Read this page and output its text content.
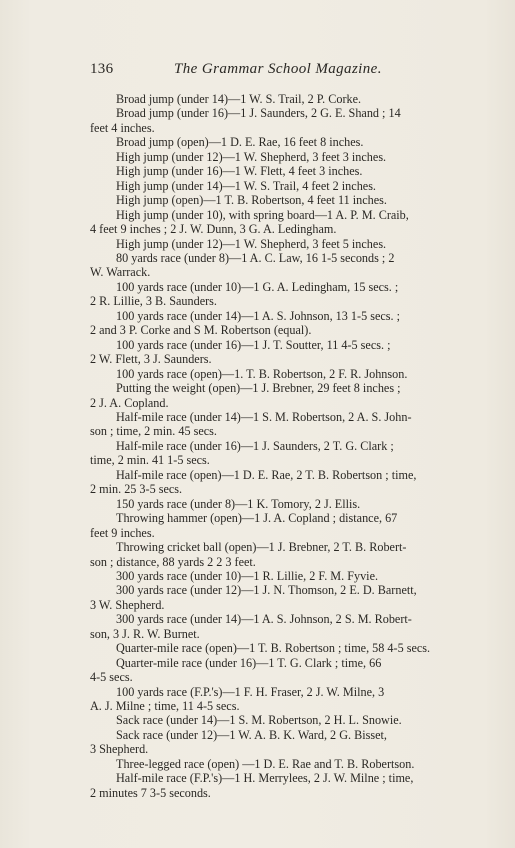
136	The Grammar School Magazine.

Broad jump (under 14)—1 W. S. Trail, 2 P. Corke.

Broad jump (under 16)—1 J. Saunders, 2 G. E. Shand ; 14
feet 4 inches.

Broad jump (open)—1 D. E. Rae, 16 feet 8 inches.

High jump (under 12)—1 W. Shepherd, 3 feet 3 inches.

High jump (under 16)—1 W. Flett, 4 feet 3 inches.

High jump (under 14)—1 W. S. Trail, 4 feet 2 inches.

High jump (open)—1 T. B. Robertson, 4 feet 11 inches.

High jump (under 10), with spring board—1 A. P. M. Craib,
4 feet 9 inches ; 2 J. W. Dunn, 3 G. A. Ledingham.

High jump (under 12)—1 W. Shepherd, 3 feet 5 inches.

80 yards race (under 8)—1 A. C. Law, 16 1-5 seconds ; 2
W. Warrack.

100 yards race (under 10)—1 G. A. Ledingham, 15 secs. ;
2 R. Lillie, 3 B. Saunders.

100 yards race (under 14)—1 A. S. Johnson, 13 1-5 secs. ;
2 and 3 P. Corke and S M. Robertson (equal).

100 yards race (under 16)—1 J. T. Soutter, 11 4-5 secs. ;
2 W. Flett, 3 J. Saunders.

100 yards race (open)—1. T. B. Robertson, 2 F. R. Johnson.

Putting the weight (open)—1 J. Brebner, 29 feet 8 inches ;
2 J. A. Copland.

Half-mile race (under 14)—1 S. M. Robertson, 2 A. S. John-
son ; time, 2 min. 45 secs.

Half-mile race (under 16)—1 J. Saunders, 2 T. G. Clark ;
time, 2 min. 41 1-5 secs.

Half-mile race (open)—1 D. E. Rae, 2 T. B. Robertson ; time,
2 min. 25 3-5 secs.

150 yards race (under 8)—1 K. Tomory, 2 J. Ellis.

Throwing hammer (open)—1 J. A. Copland ; distance, 67
feet 9 inches.

Throwing cricket ball (open)—1 J. Brebner, 2 T. B. Robert-
son ; distance, 88 yards 2 2 3 feet.

300 yards race (under 10)—1 R. Lillie, 2 F. M. Fyvie.

300 yards race (under 12)—1 J. N. Thomson, 2 E. D. Barnett,
3 W. Shepherd.

300 yards race (under 14)—1 A. S. Johnson, 2 S. M. Robert-
son, 3 J. R. W. Burnet.

Quarter-mile race (open)—1 T. B. Robertson ; time, 58 4-5 secs.

Quarter-mile race (under 16)—1 T. G. Clark ; time, 66
4-5 secs.

100 yards race (F.P.'s)—1 F. H. Fraser, 2 J. W. Milne, 3
A. J. Milne ; time, 11 4-5 secs.

Sack race (under 14)—1 S. M. Robertson, 2 H. L. Snowie.

Sack race (under 12)—1 W. A. B. K. Ward, 2 G. Bisset,
3 Shepherd.

Three-legged race (open) —1 D. E. Rae and T. B. Robertson.

Half-mile race (F.P.'s)—1 H. Merrylees, 2 J. W. Milne ; time,
2 minutes 7 3-5 seconds.
